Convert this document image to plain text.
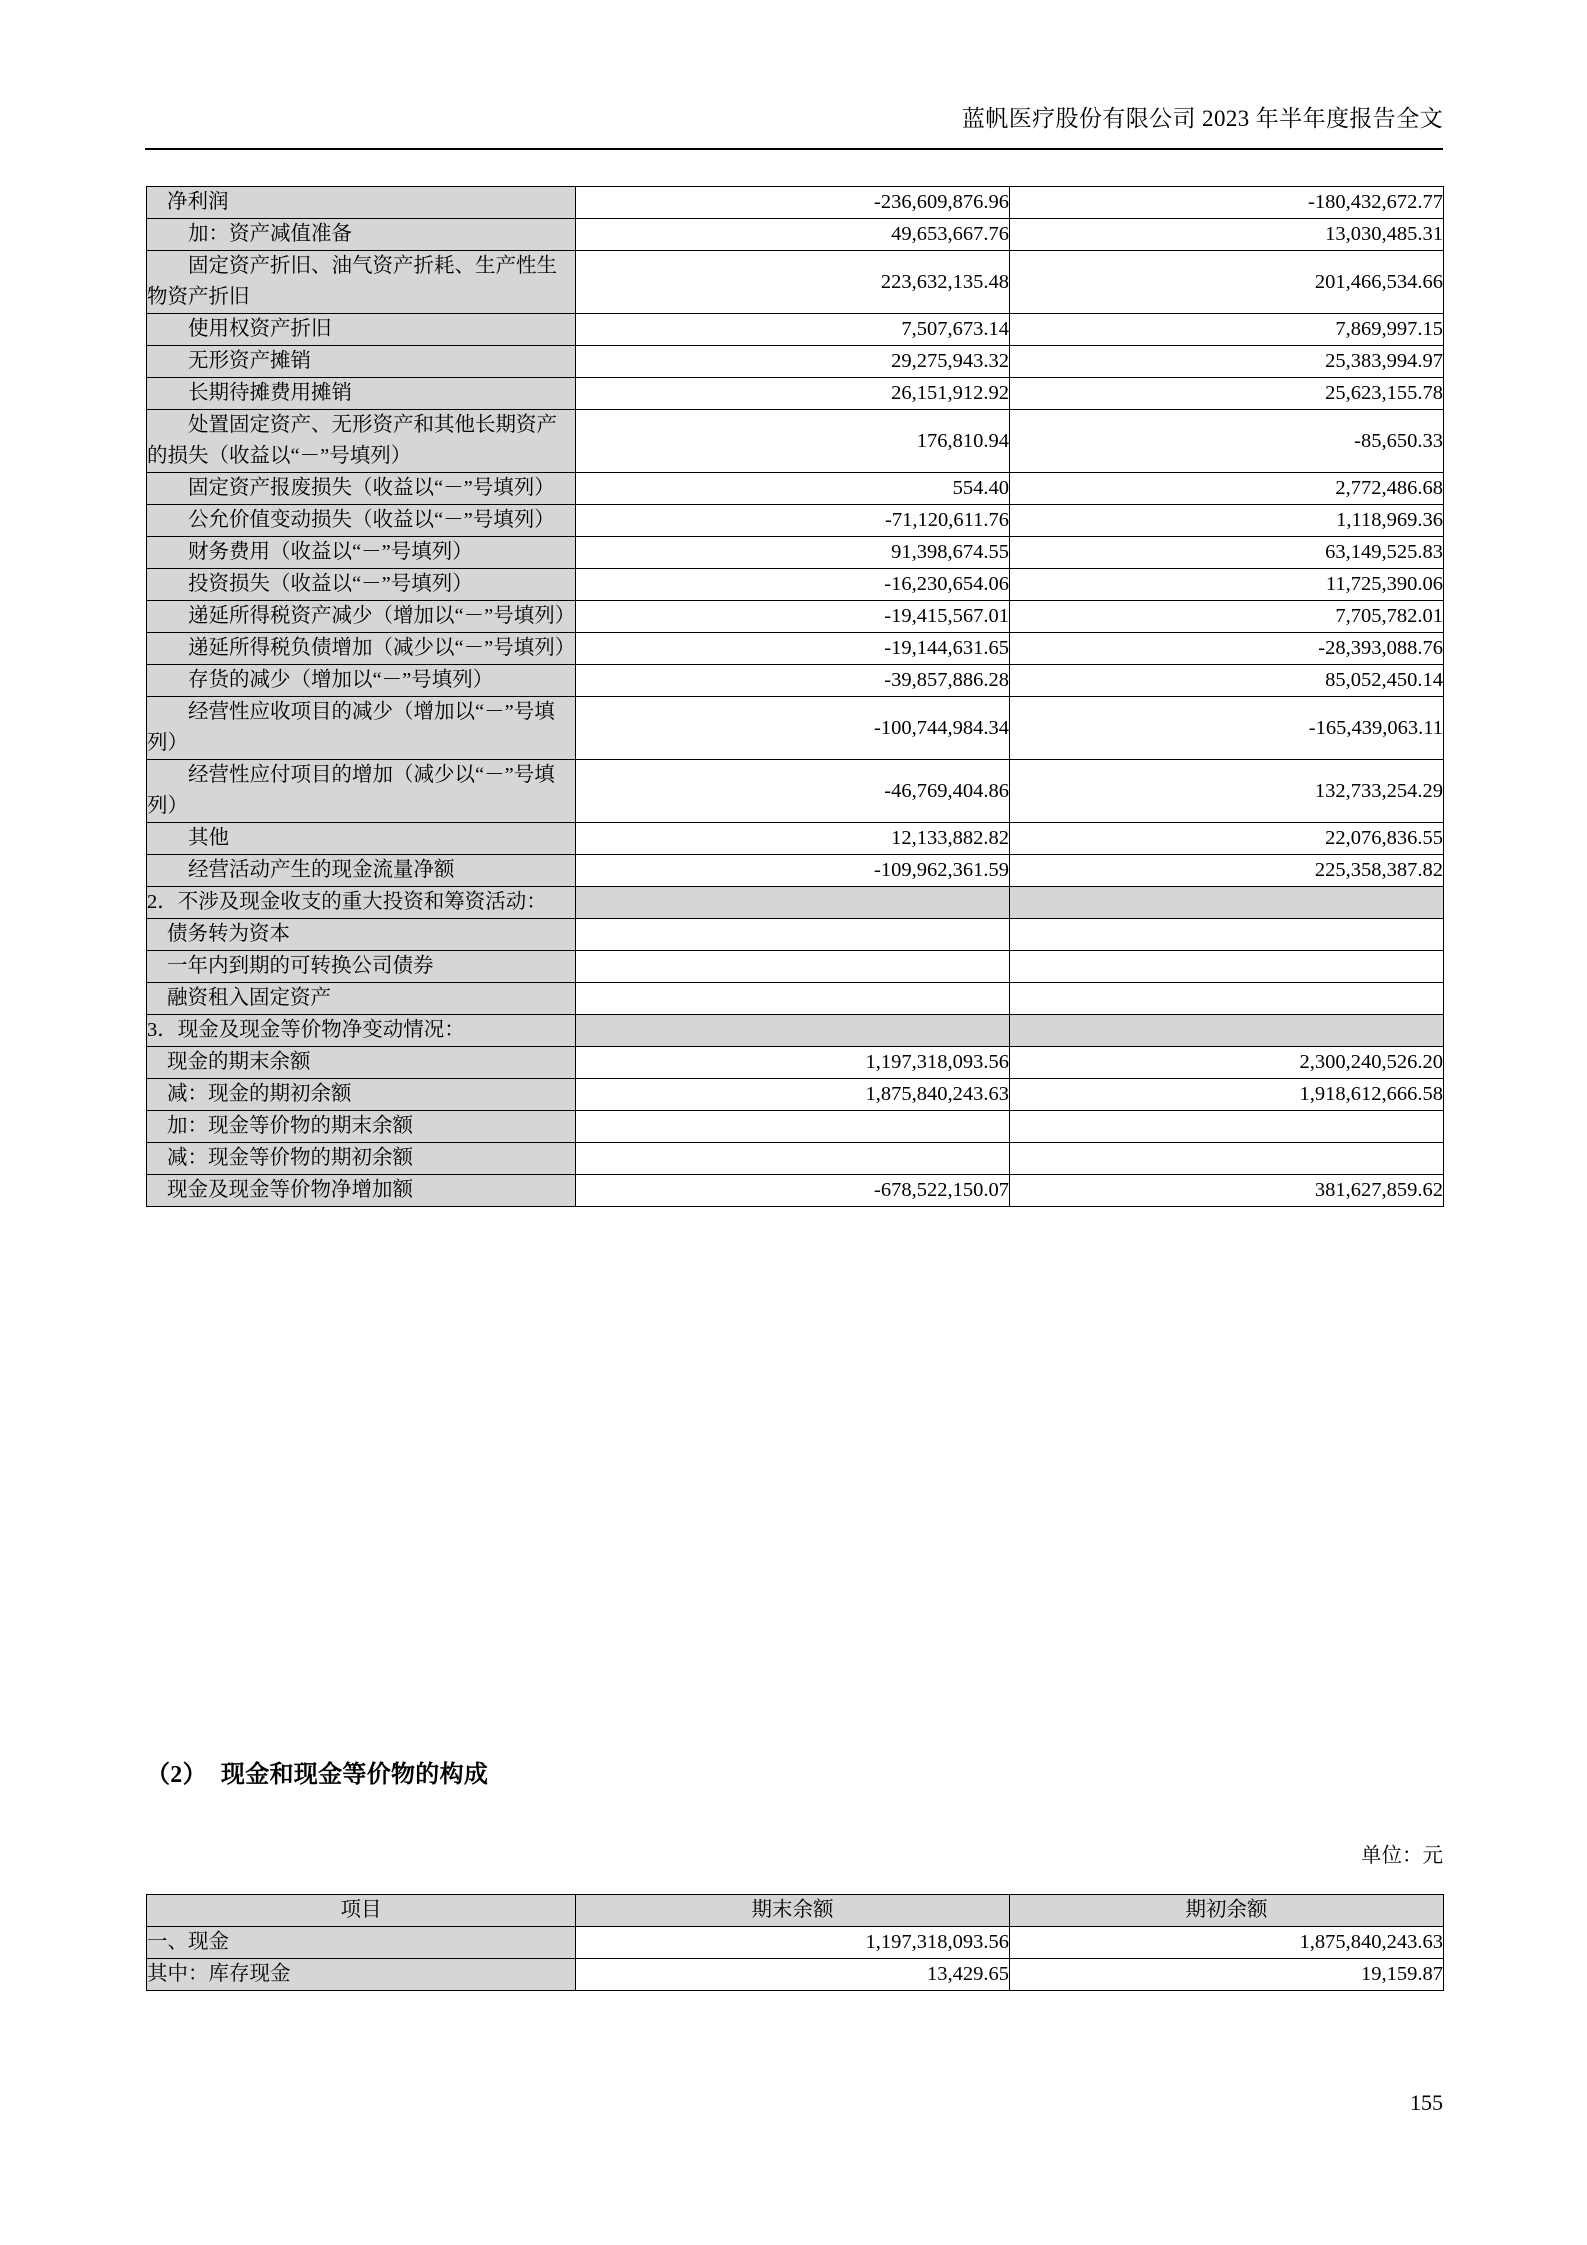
蓝帆医疗股份有限公司 2023 年半年度报告全文
净利润	-236,609,876.96	-180,432,672.77
加：资产减值准备	49,653,667.76	13,030,485.31
固定资产折旧、油气资产折耗、生产性生物资产折旧	223,632,135.48	201,466,534.66
使用权资产折旧	7,507,673.14	7,869,997.15
无形资产摊销	29,275,943.32	25,383,994.97
长期待摊费用摊销	26,151,912.92	25,623,155.78
处置固定资产、无形资产和其他长期资产的损失（收益以“－”号填列）	176,810.94	-85,650.33
固定资产报废损失（收益以“－”号填列）	554.40	2,772,486.68
公允价值变动损失（收益以“－”号填列）	-71,120,611.76	1,118,969.36
财务费用（收益以“－”号填列）	91,398,674.55	63,149,525.83
投资损失（收益以“－”号填列）	-16,230,654.06	11,725,390.06
递延所得税资产减少（增加以“－”号填列）	-19,415,567.01	7,705,782.01
递延所得税负债增加（减少以“－”号填列）	-19,144,631.65	-28,393,088.76
存货的减少（增加以“－”号填列）	-39,857,886.28	85,052,450.14
经营性应收项目的减少（增加以“－”号填列）	-100,744,984.34	-165,439,063.11
经营性应付项目的增加（减少以“－”号填列）	-46,769,404.86	132,733,254.29
其他	12,133,882.82	22,076,836.55
经营活动产生的现金流量净额	-109,962,361.59	225,358,387.82
2．不涉及现金收支的重大投资和筹资活动：		
债务转为资本		
一年内到期的可转换公司债券		
融资租入固定资产		
3．现金及现金等价物净变动情况：		
现金的期末余额	1,197,318,093.56	2,300,240,526.20
减：现金的期初余额	1,875,840,243.63	1,918,612,666.58
加：现金等价物的期末余额		
减：现金等价物的期初余额		
现金及现金等价物净增加额	-678,522,150.07	381,627,859.62
（2） 现金和现金等价物的构成
单位：元
项目	期末余额	期初余额
一、现金	1,197,318,093.56	1,875,840,243.63
其中：库存现金	13,429.65	19,159.87
155
